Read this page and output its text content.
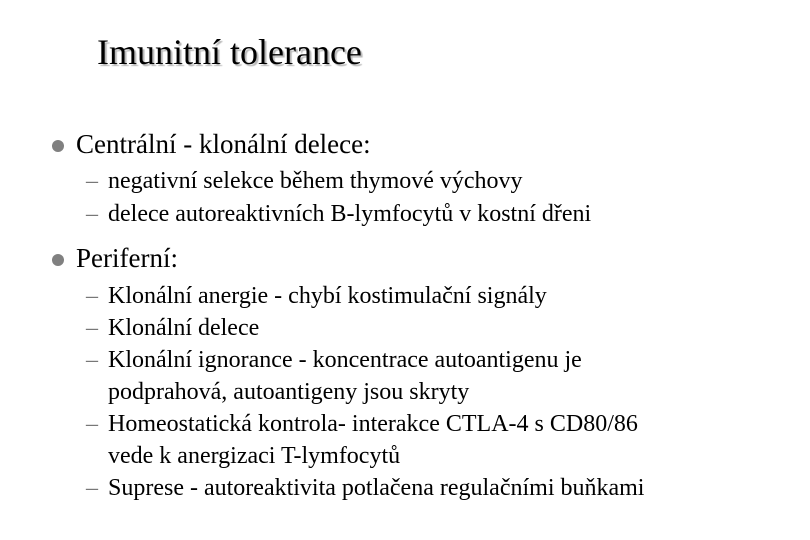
Imunitní tolerance
Centrální - klonální delece:
– negativní selekce během thymové výchovy
– delece autoreaktivních B-lymfocytů v kostní dřeni
Periferní:
– Klonální anergie - chybí kostimulační signály
– Klonální delece
– Klonální ignorance - koncentrace autoantigenu je
podprahová, autoantigeny jsou skryty
– Homeostatická kontrola- interakce CTLA-4 s CD80/86
vede k anergizaci T-lymfocytů
– Suprese - autoreaktivita potlačena regulačními buňkami
